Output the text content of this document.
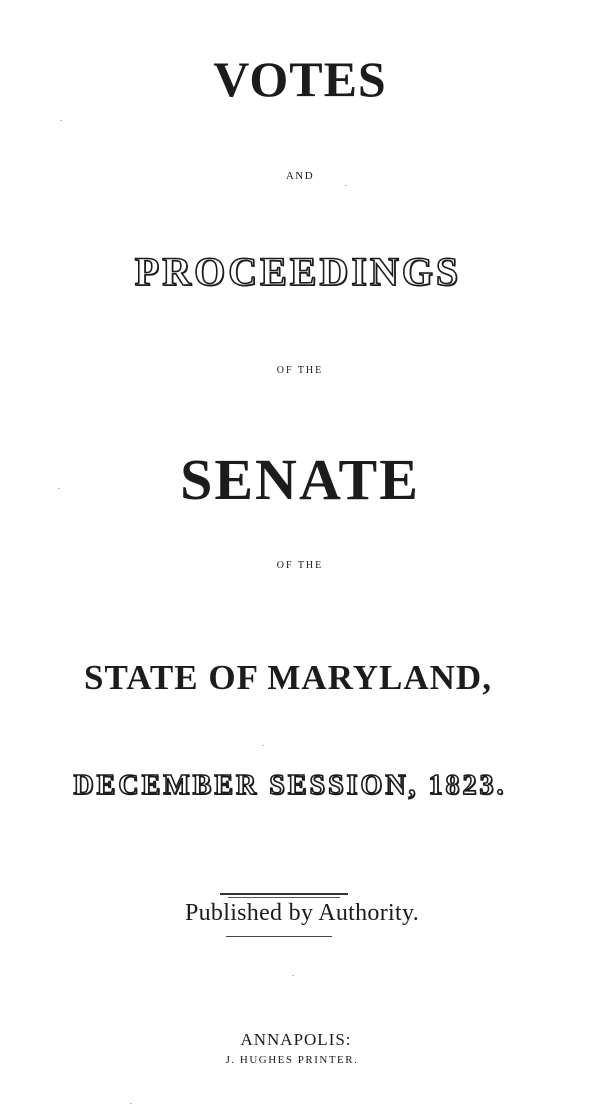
VOTES
AND
PROCEEDINGS
OF THE
SENATE
OF THE
STATE OF MARYLAND,
DECEMBER SESSION, 1823.
Published by Authority.
ANNAPOLIS:
J. HUGHES PRINTER.
